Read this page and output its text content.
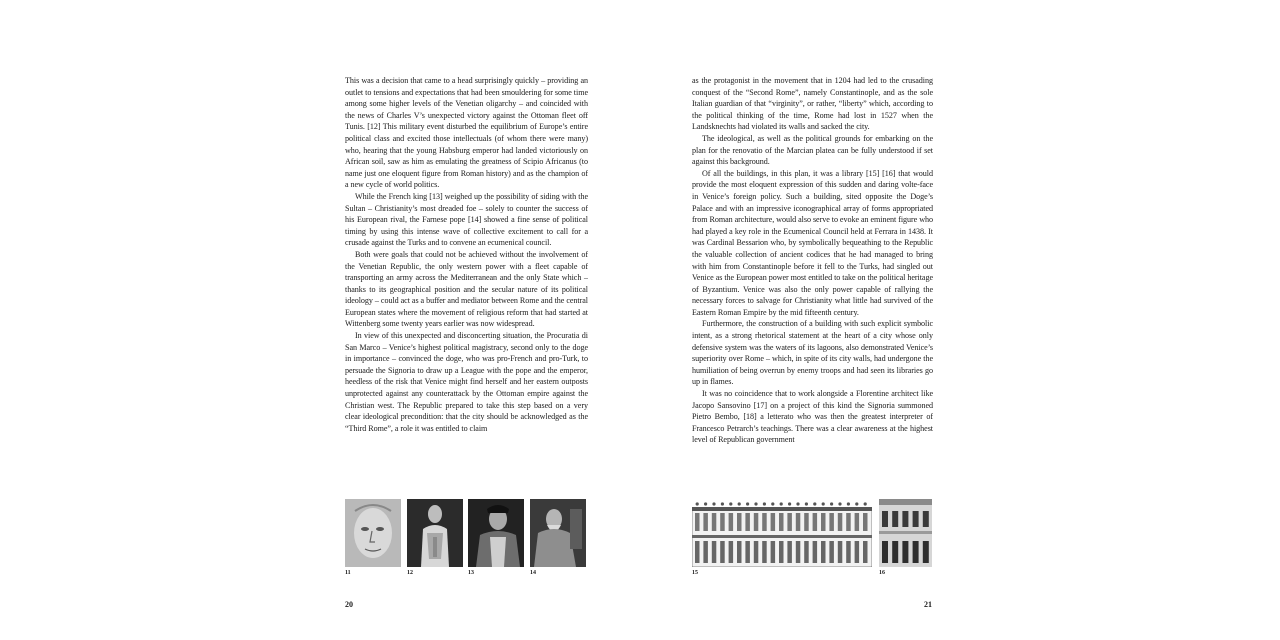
This was a decision that came to a head surprisingly quickly – providing an outlet to tensions and expectations that had been smouldering for some time among some higher levels of the Venetian oligarchy – and coincided with the news of Charles V’s unexpected victory against the Ottoman fleet off Tunis. [12] This military event disturbed the equilibrium of Europe’s entire political class and excited those intellectuals (of whom there were many) who, hearing that the young Habsburg emperor had landed victoriously on African soil, saw as him as emulating the greatness of Scipio Africanus (to name just one eloquent figure from Roman history) and as the champion of a new cycle of world politics.

While the French king [13] weighed up the possibility of siding with the Sultan – Christianity’s most dreaded foe – solely to counter the success of his European rival, the Farnese pope [14] showed a fine sense of political timing by using this intense wave of collective excitement to call for a crusade against the Turks and to convene an ecumenical council.

Both were goals that could not be achieved without the involvement of the Venetian Republic, the only western power with a fleet capable of transporting an army across the Mediterranean and the only State which – thanks to its geographical position and the secular nature of its political ideology – could act as a buffer and mediator between Rome and the central European states where the movement of religious reform that had started at Wittenberg some twenty years earlier was now widespread.

In view of this unexpected and disconcerting situation, the Procuratia di San Marco – Venice’s highest political magistracy, second only to the doge in importance – convinced the doge, who was pro-French and pro-Turk, to persuade the Signoria to draw up a League with the pope and the emperor, heedless of the risk that Venice might find herself and her eastern outposts unprotected against any counterattack by the Ottoman empire against the Christian west. The Republic prepared to take this step based on a very clear ideological precondition: that the city should be acknowledged as the “Third Rome”, a role it was entitled to claim

11	12	13	14
20

as the protagonist in the movement that in 1204 had led to the crusading conquest of the “Second Rome”, namely Constantinople, and as the sole Italian guardian of that “virginity”, or rather, “liberty” which, according to the political thinking of the time, Rome had lost in 1527 when the Landsknechts had violated its walls and sacked the city.

The ideological, as well as the political grounds for embarking on the plan for the renovatio of the Marcian platea can be fully understood if set against this background.

Of all the buildings, in this plan, it was a library [15] [16] that would provide the most eloquent expression of this sudden and daring volte-face in Venice’s foreign policy. Such a building, sited opposite the Doge’s Palace and with an impressive iconographical array of forms appropriated from Roman architecture, would also serve to evoke an eminent figure who had played a key role in the Ecumenical Council held at Ferrara in 1438. It was Cardinal Bessarion who, by symbolically bequeathing to the Republic the valuable collection of ancient codices that he had managed to bring with him from Constantinople before it fell to the Turks, had singled out Venice as the European power most entitled to take on the political heritage of Byzantium. Venice was also the only power capable of rallying the necessary forces to salvage for Christianity what little had survived of the Eastern Roman Empire by the mid fifteenth century.

Furthermore, the construction of a building with such explicit symbolic intent, as a strong rhetorical statement at the heart of a city whose only defensive system was the waters of its lagoons, also demonstrated Venice’s superiority over Rome – which, in spite of its city walls, had undergone the humiliation of being overrun by enemy troops and had seen its libraries go up in flames.

It was no coincidence that to work alongside a Florentine architect like Jacopo Sansovino [17] on a project of this kind the Signoria summoned Pietro Bembo, [18] a letterato who was then the greatest interpreter of Francesco Petrarch’s teachings. There was a clear awareness at the highest level of Republican government

15	16
21
